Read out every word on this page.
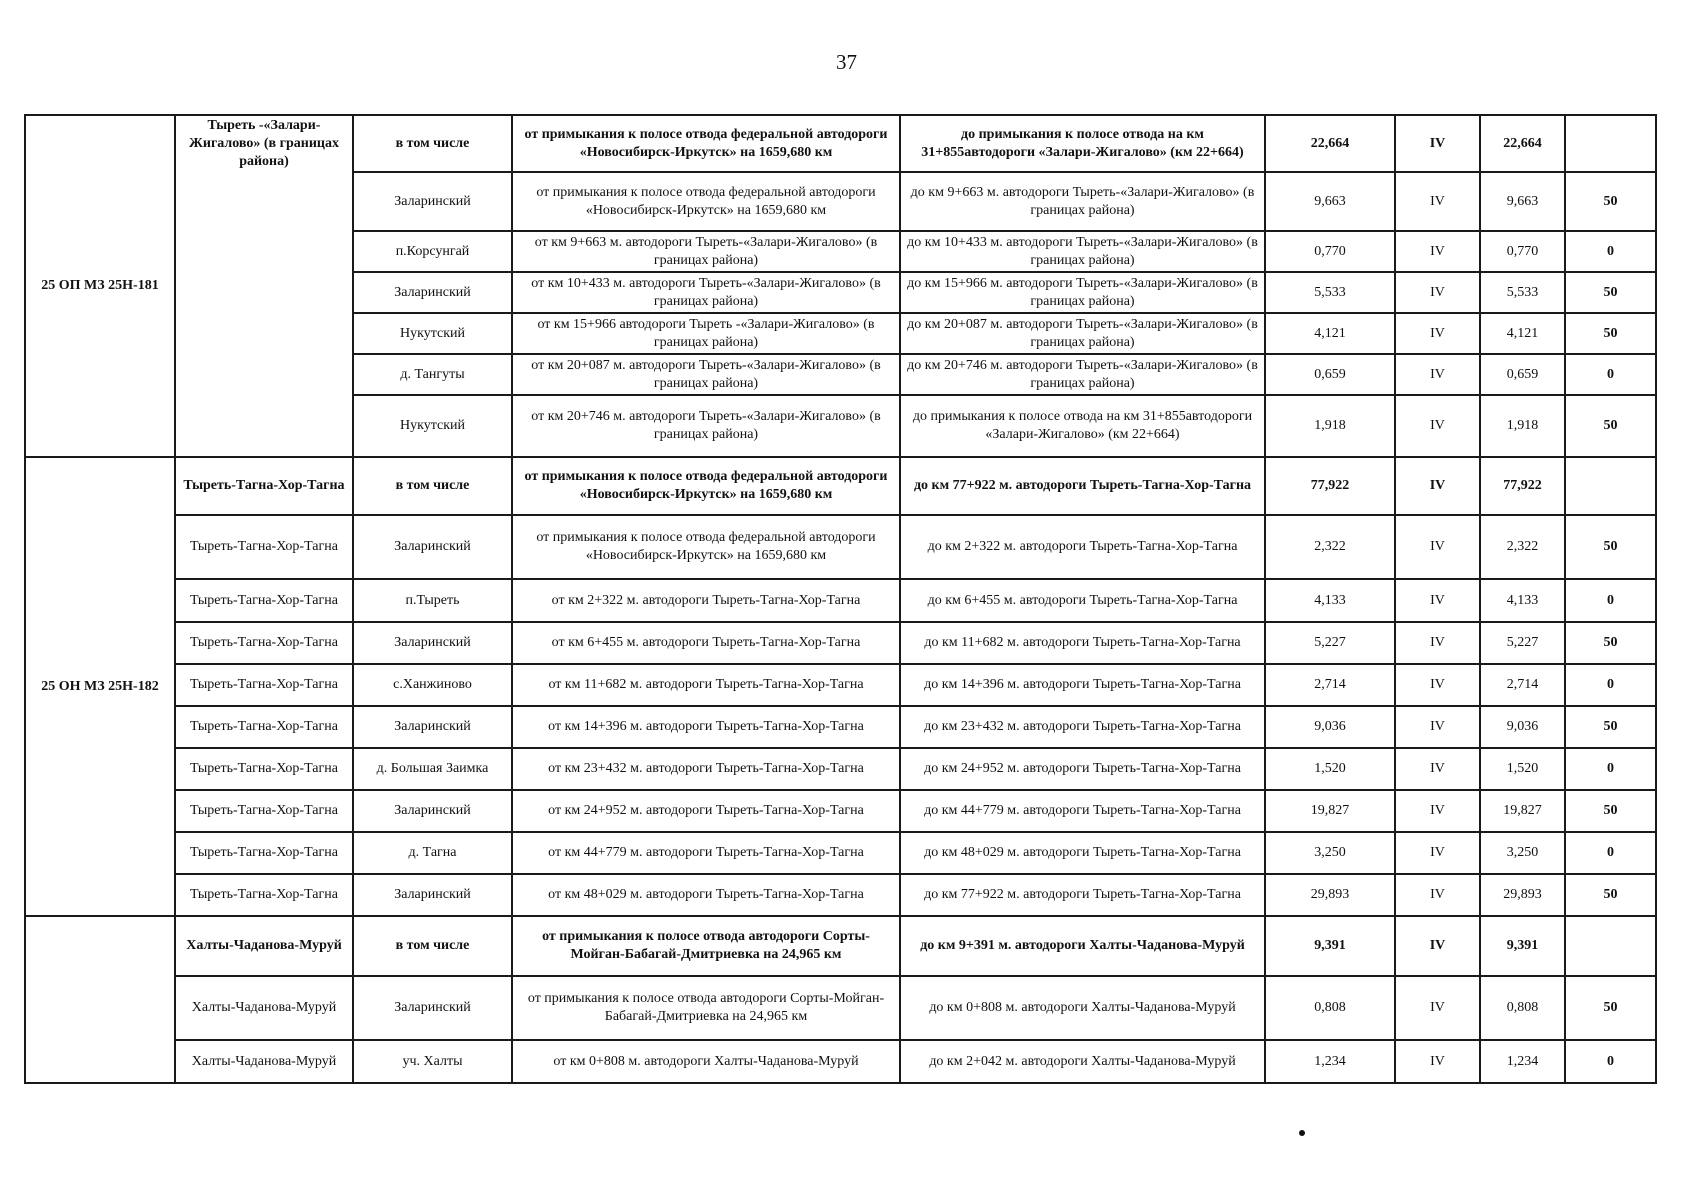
37
25 ОП МЗ 25Н-181	Тыреть -«Залари-Жигалово» (в границах района)	в том числе	от примыкания к полосе отвода федеральной автодороги «Новосибирск-Иркутск» на 1659,680 км	до примыкания к полосе отвода на км 31+855автодороги «Залари-Жигалово» (км 22+664)	22,664	IV	22,664	
		Заларинский	от примыкания к полосе отвода федеральной автодороги «Новосибирск-Иркутск» на 1659,680 км	до км 9+663 м. автодороги Тыреть-«Залари-Жигалово» (в границах района)	9,663	IV	9,663	50
		п.Корсунгай	от км 9+663 м. автодороги Тыреть-«Залари-Жигалово» (в границах района)	до км 10+433 м. автодороги Тыреть-«Залари-Жигалово» (в границах района)	0,770	IV	0,770	0
		Заларинский	от км 10+433 м. автодороги Тыреть-«Залари-Жигалово» (в границах района)	до км 15+966 м. автодороги Тыреть-«Залари-Жигалово» (в границах района)	5,533	IV	5,533	50
		Нукутский	от км 15+966 автодороги Тыреть -«Залари-Жигалово» (в границах района)	до км 20+087 м. автодороги Тыреть-«Залари-Жигалово» (в границах района)	4,121	IV	4,121	50
		д. Тангуты	от км 20+087 м. автодороги Тыреть-«Залари-Жигалово» (в границах района)	до км 20+746 м. автодороги Тыреть-«Залари-Жигалово» (в границах района)	0,659	IV	0,659	0
		Нукутский	от км 20+746 м. автодороги Тыреть-«Залари-Жигалово» (в границах района)	до примыкания к полосе отвода на км 31+855автодороги «Залари-Жигалово» (км 22+664)	1,918	IV	1,918	50
25 ОН МЗ 25Н-182	Тыреть-Тагна-Хор-Тагна	в том числе	от примыкания к полосе отвода федеральной автодороги «Новосибирск-Иркутск» на 1659,680 км	до км 77+922 м. автодороги Тыреть-Тагна-Хор-Тагна	77,922	IV	77,922	
	Тыреть-Тагна-Хор-Тагна	Заларинский	от примыкания к полосе отвода федеральной автодороги «Новосибирск-Иркутск» на 1659,680 км	до км 2+322 м. автодороги Тыреть-Тагна-Хор-Тагна	2,322	IV	2,322	50
	Тыреть-Тагна-Хор-Тагна	п.Тыреть	от км 2+322 м. автодороги Тыреть-Тагна-Хор-Тагна	до км 6+455 м. автодороги Тыреть-Тагна-Хор-Тагна	4,133	IV	4,133	0
	Тыреть-Тагна-Хор-Тагна	Заларинский	от км 6+455 м. автодороги Тыреть-Тагна-Хор-Тагна	до км 11+682 м. автодороги Тыреть-Тагна-Хор-Тагна	5,227	IV	5,227	50
	Тыреть-Тагна-Хор-Тагна	с.Ханжиново	от км 11+682 м. автодороги Тыреть-Тагна-Хор-Тагна	до км 14+396 м. автодороги Тыреть-Тагна-Хор-Тагна	2,714	IV	2,714	0
	Тыреть-Тагна-Хор-Тагна	Заларинский	от км 14+396 м. автодороги Тыреть-Тагна-Хор-Тагна	до км 23+432 м. автодороги Тыреть-Тагна-Хор-Тагна	9,036	IV	9,036	50
	Тыреть-Тагна-Хор-Тагна	д. Большая Заимка	от км 23+432 м. автодороги Тыреть-Тагна-Хор-Тагна	до км 24+952 м. автодороги Тыреть-Тагна-Хор-Тагна	1,520	IV	1,520	0
	Тыреть-Тагна-Хор-Тагна	Заларинский	от км 24+952 м. автодороги Тыреть-Тагна-Хор-Тагна	до км 44+779 м. автодороги Тыреть-Тагна-Хор-Тагна	19,827	IV	19,827	50
	Тыреть-Тагна-Хор-Тагна	д. Тагна	от км 44+779 м. автодороги Тыреть-Тагна-Хор-Тагна	до км 48+029 м. автодороги Тыреть-Тагна-Хор-Тагна	3,250	IV	3,250	0
	Тыреть-Тагна-Хор-Тагна	Заларинский	от км 48+029 м. автодороги Тыреть-Тагна-Хор-Тагна	до км 77+922 м. автодороги Тыреть-Тагна-Хор-Тагна	29,893	IV	29,893	50
	Халты-Чаданова-Муруй	в том числе	от примыкания к полосе отвода автодороги Сорты-Мойган-Бабагай-Дмитриевка на 24,965 км	до км 9+391 м. автодороги Халты-Чаданова-Муруй	9,391	IV	9,391	
	Халты-Чаданова-Муруй	Заларинский	от примыкания к полосе отвода автодороги Сорты-Мойган-Бабагай-Дмитриевка на 24,965 км	до км 0+808 м. автодороги Халты-Чаданова-Муруй	0,808	IV	0,808	50
	Халты-Чаданова-Муруй	уч. Халты	от км 0+808 м. автодороги Халты-Чаданова-Муруй	до км 2+042 м. автодороги Халты-Чаданова-Муруй	1,234	IV	1,234	0
